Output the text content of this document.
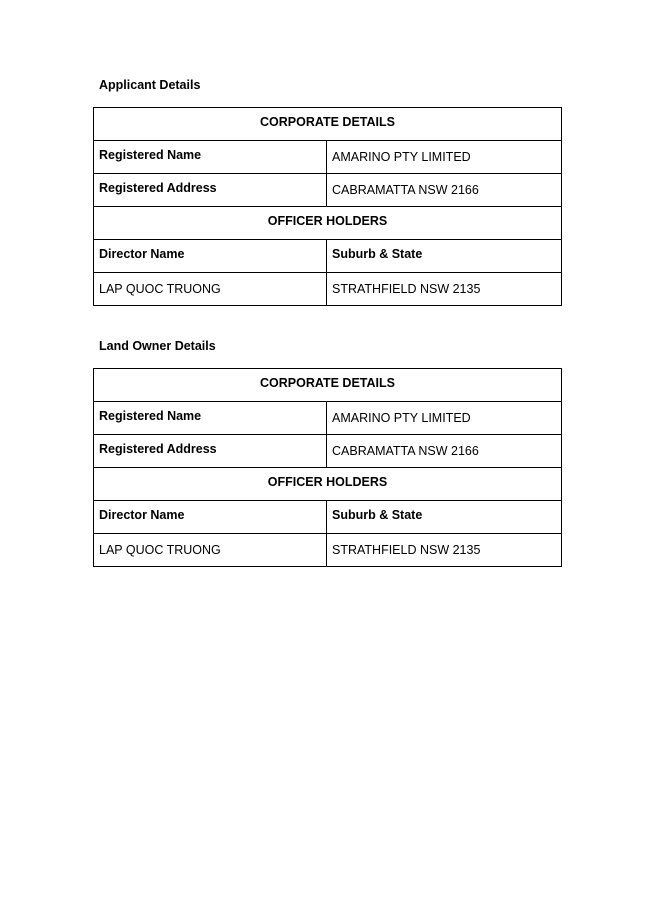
Applicant Details
CORPORATE DETAILS	
Registered Name	AMARINO PTY LIMITED
Registered Address	CABRAMATTA NSW 2166
OFFICER HOLDERS	
Director Name	Suburb & State
LAP QUOC TRUONG	STRATHFIELD NSW 2135
Land Owner Details
CORPORATE DETAILS	
Registered Name	AMARINO PTY LIMITED
Registered Address	CABRAMATTA NSW 2166
OFFICER HOLDERS	
Director Name	Suburb & State
LAP QUOC TRUONG	STRATHFIELD NSW 2135
